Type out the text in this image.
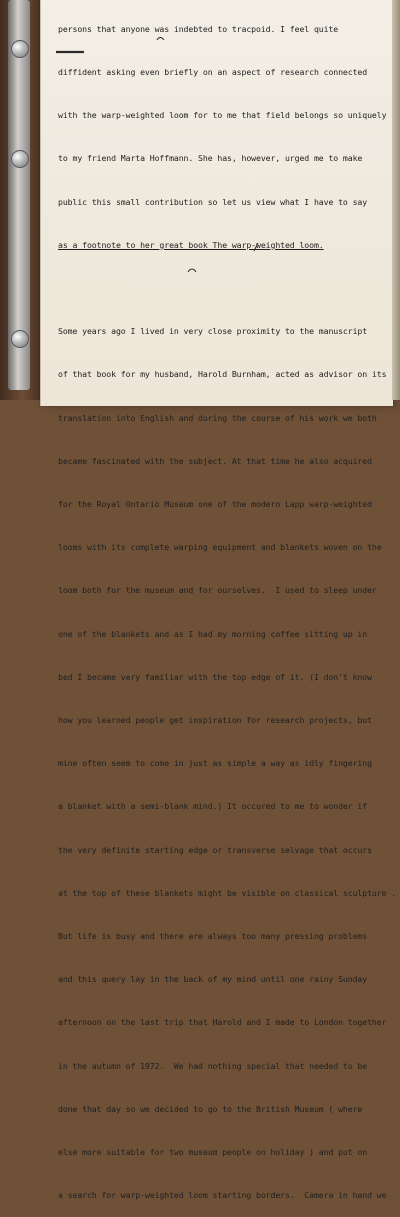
persons that anyone was indebted to tracpoid. I feel quite

diffident asking even briefly on an aspect of research connected

with the warp-weighted loom for to me that field belongs so uniquely

to my friend Marta Hoffmann. She has, however, urged me to make

public this small contribution so let us view what I have to say

as a footnote to her great book The warp-weighted loom.

Some years ago I lived in very close proximity to the manuscript

of that book for my husband, Harold Burnham, acted as advisor on its

translation into English and during the course of his work we both

became fascinated with the subject. At that time he also acquired

for the Royal Ontario Museum one of the modern Lapp warp-weighted

looms with its complete warping equipment and blankets woven on the

loom both for the museum and for ourselves.  I used to sleep under

one of the blankets and as I had my morning coffee sitting up in

bed I became very familiar with the top edge of it. (I don't know

how you learned people get inspiration for research projects, but

mine often seem to come in just as simple a way as idly fingering

a blanket with a semi-blank mind.) It occured to me to wonder if

the very definite starting edge or transverse selvage that occurs

at the top of these blankets might be visible on classical sculpture .

But life is busy and there are always too many pressing problems

and this query lay in the back of my mind until one rainy Sunday

afternoon on the last trip that Harold and I made to London together

in the autumn of 1972.  We had nothing special that needed to be

done that day so we decided to go to the British Museum ( where

else more suitable for two museum people on holiday ) and put on

a search for warp-weighted loom starting borders.  Camera in hand we
